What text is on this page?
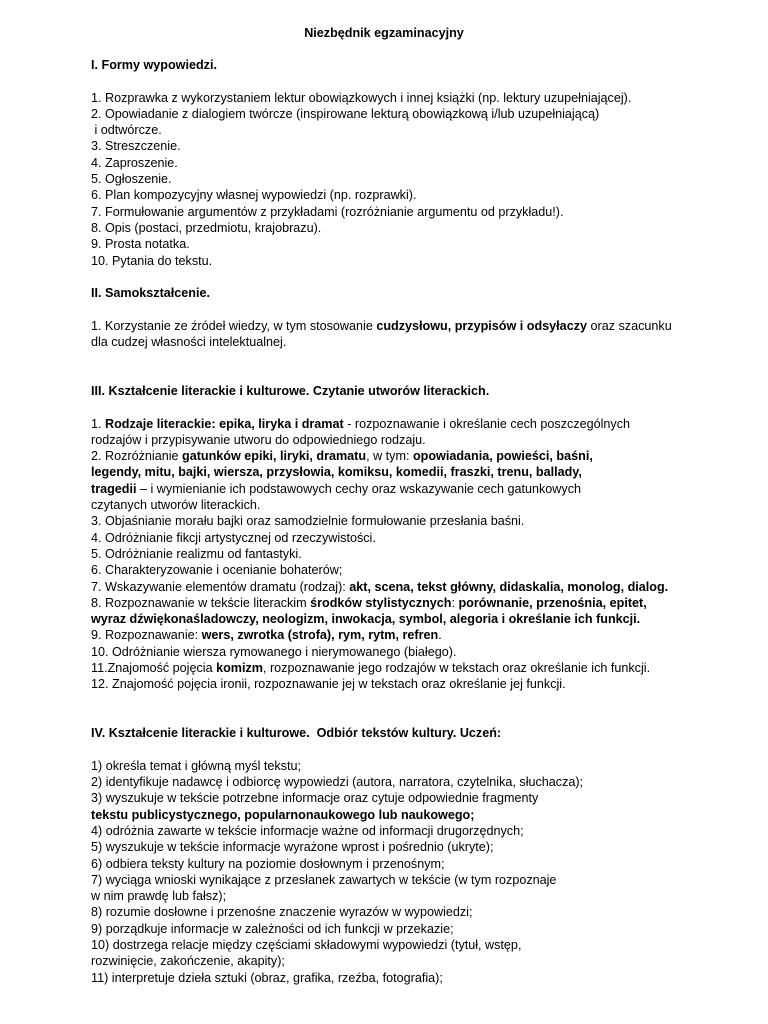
Niezbędnik egzaminacyjny
I. Formy wypowiedzi.
1. Rozprawka z wykorzystaniem lektur obowiązkowych i innej książki (np. lektury uzupełniającej).
2. Opowiadanie z dialogiem twórcze (inspirowane lekturą obowiązkową i/lub uzupełniającą)
i odtwórcze.
3. Streszczenie.
4. Zaproszenie.
5. Ogłoszenie.
6. Plan kompozycyjny własnej wypowiedzi (np. rozprawki).
7. Formułowanie argumentów z przykładami (rozróżnianie argumentu od przykładu!).
8. Opis (postaci, przedmiotu, krajobrazu).
9. Prosta notatka.
10. Pytania do tekstu.
II. Samokształcenie.
1. Korzystanie ze źródeł wiedzy, w tym stosowanie cudzysłowu, przypisów i odsyłaczy oraz szacunku
dla cudzej własności intelektualnej.
III. Kształcenie literackie i kulturowe. Czytanie utworów literackich.
1. Rodzaje literackie: epika, liryka i dramat - rozpoznawanie i określanie cech poszczególnych
rodzajów i przypisywanie utworu do odpowiedniego rodzaju.
2. Rozróżnianie gatunków epiki, liryki, dramatu, w tym: opowiadania, powieści, baśni,
legendy, mitu, bajki, wiersza, przysłowia, komiksu, komedii, fraszki, trenu, ballady,
tragedii – i wymienianie ich podstawowych cechy oraz wskazywanie cech gatunkowych
czytanych utworów literackich.
3. Objaśnianie morału bajki oraz samodzielnie formułowanie przesłania baśni.
4. Odróżnianie fikcji artystycznej od rzeczywistości.
5. Odróżnianie realizmu od fantastyki.
6. Charakteryzowanie i ocenianie bohaterów;
7. Wskazywanie elementów dramatu (rodzaj): akt, scena, tekst główny, didaskalia, monolog, dialog.
8. Rozpoznawanie w tekście literackim środków stylistycznych: porównanie, przenośnia, epitet,
wyraz dźwiękonaśladowczy, neologizm, inwokacja, symbol, alegoria i określanie ich funkcji.
9. Rozpoznawanie: wers, zwrotka (strofa), rym, rytm, refren.
10. Odróżnianie wiersza rymowanego i nierymowanego (białego).
11.Znajomość pojęcia komizm, rozpoznawanie jego rodzajów w tekstach oraz określanie ich funkcji.
12. Znajomość pojęcia ironii, rozpoznawanie jej w tekstach oraz określanie jej funkcji.
IV. Kształcenie literackie i kulturowe.  Odbiór tekstów kultury. Uczeń:
1) określa temat i główną myśl tekstu;
2) identyfikuje nadawcę i odbiorcę wypowiedzi (autora, narratora, czytelnika, słuchacza);
3) wyszukuje w tekście potrzebne informacje oraz cytuje odpowiednie fragmenty
tekstu publicystycznego, popularnonaukowego lub naukowego;
4) odróżnia zawarte w tekście informacje ważne od informacji drugorzędnych;
5) wyszukuje w tekście informacje wyrażone wprost i pośrednio (ukryte);
6) odbiera teksty kultury na poziomie dosłownym i przenośnym;
7) wyciąga wnioski wynikające z przesłanek zawartych w tekście (w tym rozpoznaje
w nim prawdę lub fałsz);
8) rozumie dosłowne i przenośne znaczenie wyrazów w wypowiedzi;
9) porządkuje informacje w zależności od ich funkcji w przekazie;
10) dostrzega relacje między częściami składowymi wypowiedzi (tytuł, wstęp,
rozwinięcie, zakończenie, akapity);
11) interpretuje dzieła sztuki (obraz, grafika, rzeźba, fotografia);
